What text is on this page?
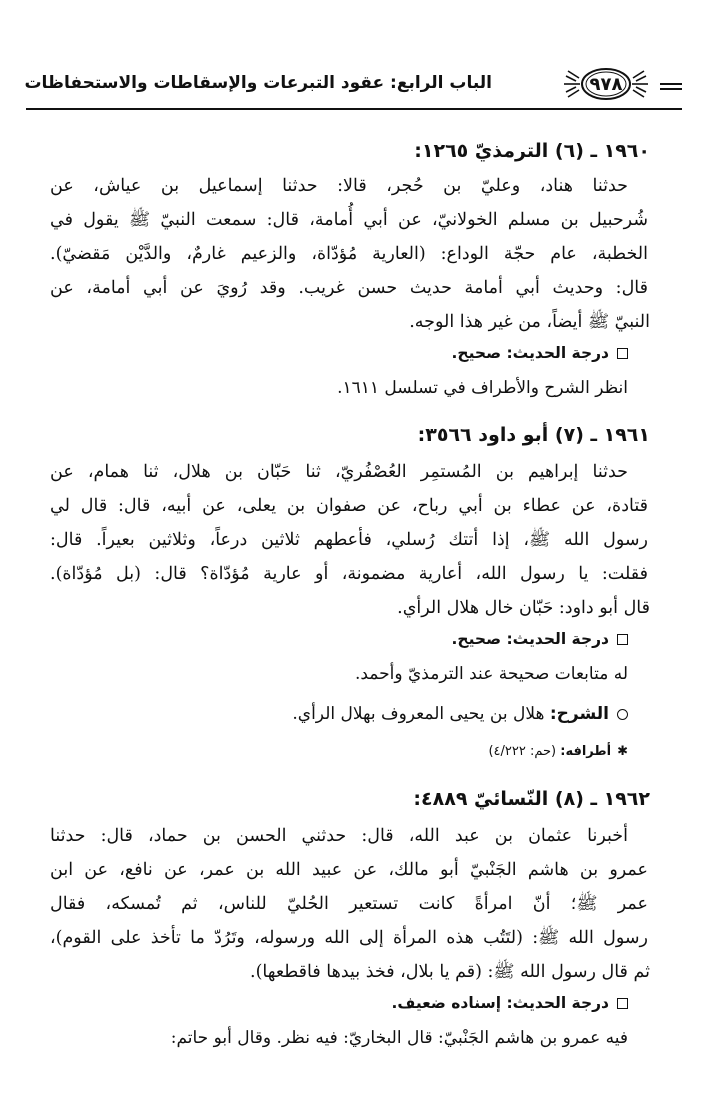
الباب الرابع: عقود التبرعات والإسقاطات والاستحفاظات	٩٧٨
١٩٦٠ ـ (٦) الترمذيّ ١٢٦٥:
حدثنا هناد، وعليّ بن حُجر، قالا: حدثنا إسماعيل بن عياش، عن
شُرحبيل بن مسلم الخولانيّ، عن أبي أُمامة، قال: سمعت النبيّ ﷺ يقول في
الخطبة، عام حجّة الوداع: (العارية مُؤدّاة، والزعيم غارمٌ، والدَّيْن مَقضيّ).
قال: وحديث أبي أمامة حديث حسن غريب. وقد رُويَ عن أبي أمامة، عن
النبيّ ﷺ أيضاً، من غير هذا الوجه.
درجة الحديث: صحيح.
انظر الشرح والأطراف في تسلسل ١٦١١.
١٩٦١ ـ (٧) أبو داود ٣٥٦٦:
حدثنا إبراهيم بن المُستمِر العُصْفُريّ، ثنا حَبّان بن هلال، ثنا همام، عن
قتادة، عن عطاء بن أبي رباح، عن صفوان بن يعلى، عن أبيه، قال: قال لي
رسول الله ﷺ، إذا أتتك رُسلي، فأعطهم ثلاثين درعاً، وثلاثين بعيراً. قال:
فقلت: يا رسول الله، أعارية مضمونة، أو عارية مُؤدّاة؟ قال: (بل مُؤدّاة).
قال أبو داود: حَبّان خال هلال الرأي.
درجة الحديث: صحيح.
له متابعات صحيحة عند الترمذيّ وأحمد.
الشرح: هلال بن يحيى المعروف بهلال الرأي.
✱أطرافه: (حم: ٤/٢٢٢)
١٩٦٢ ـ (٨) النّسائيّ ٤٨٨٩:
أخبرنا عثمان بن عبد الله، قال: حدثني الحسن بن حماد، قال: حدثنا
عمرو بن هاشم الجَنْبيّ أبو مالك، عن عبيد الله بن عمر، عن نافع، عن ابن
عمر ﷺ؛ أنّ امرأةً كانت تستعير الحُليّ للناس، ثم تُمسكه، فقال
رسول الله ﷺ: (لتَتُب هذه المرأة إلى الله ورسوله، وتَرُدّ ما تأخذ على القوم)،
ثم قال رسول الله ﷺ: (قم يا بلال، فخذ بيدها فاقطعها).
درجة الحديث: إسناده ضعيف.
فيه عمرو بن هاشم الجَنْبيّ: قال البخاريّ: فيه نظر. وقال أبو حاتم:
